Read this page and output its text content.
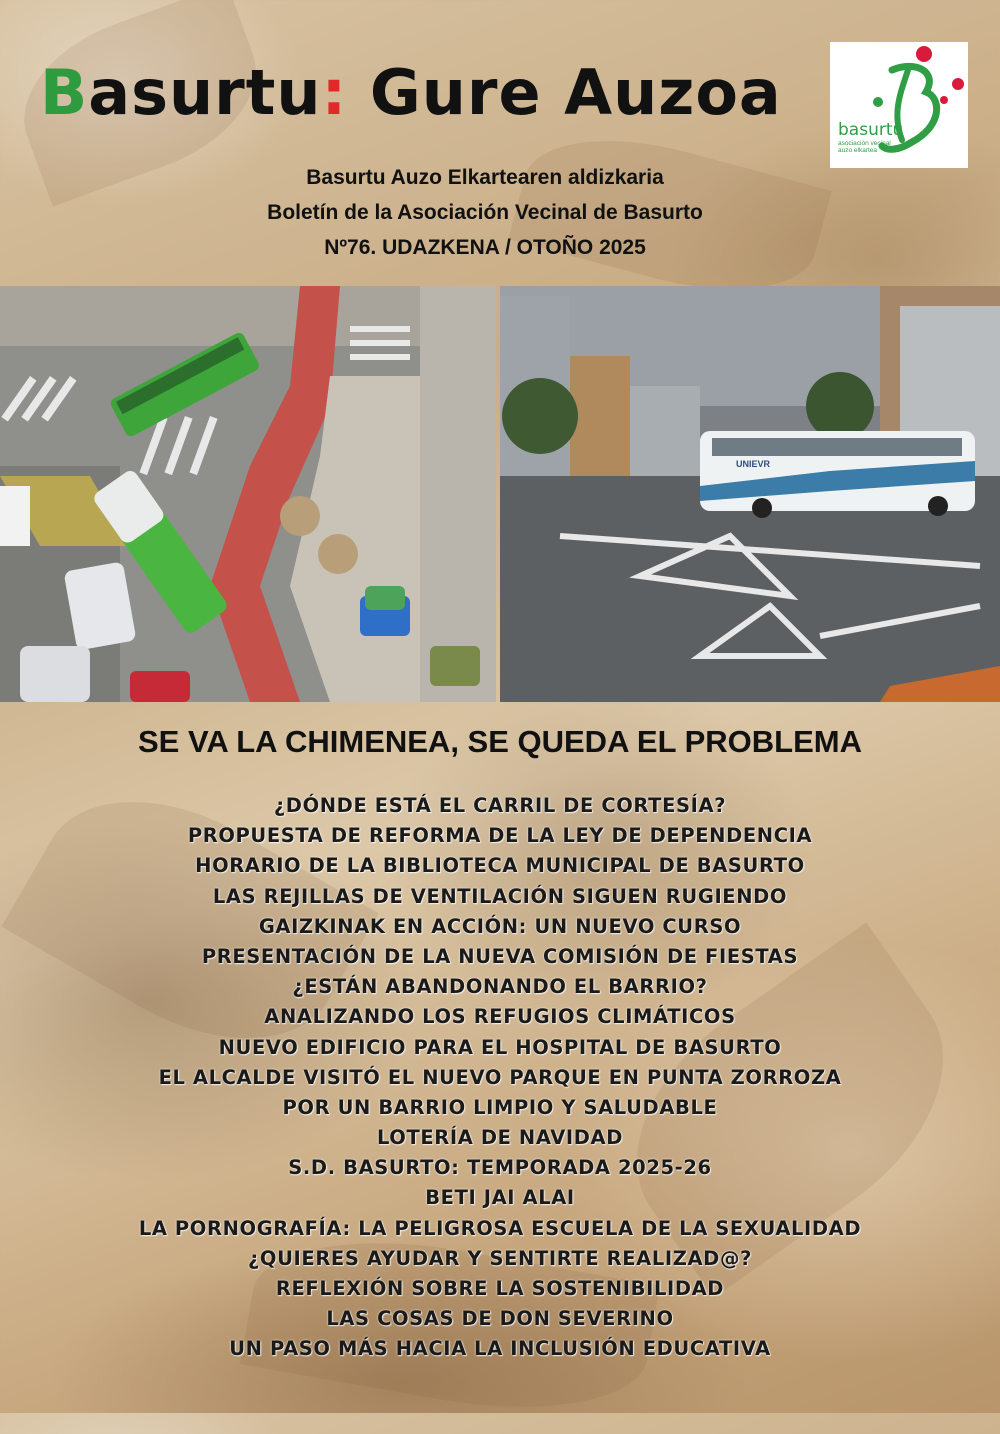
Basurtu: Gure Auzoa
basurtu
asociación vecinal
auzo elkartea
Basurtu Auzo Elkartearen aldizkaria
Boletín de la Asociación Vecinal de Basurto
Nº76. UDAZKENA / OTOÑO 2025
UNIEVR
SE VA LA CHIMENEA, SE QUEDA EL PROBLEMA
¿DÓNDE ESTÁ EL CARRIL DE CORTESÍA?
PROPUESTA DE REFORMA DE LA LEY DE DEPENDENCIA
HORARIO DE LA BIBLIOTECA MUNICIPAL DE BASURTO
LAS REJILLAS DE VENTILACIÓN SIGUEN RUGIENDO
GAIZKINAK EN ACCIÓN: UN NUEVO CURSO
PRESENTACIÓN DE LA NUEVA COMISIÓN DE FIESTAS
¿ESTÁN ABANDONANDO EL BARRIO?
ANALIZANDO LOS REFUGIOS CLIMÁTICOS
NUEVO EDIFICIO PARA EL HOSPITAL DE BASURTO
EL ALCALDE VISITÓ EL NUEVO PARQUE EN PUNTA ZORROZA
POR UN BARRIO LIMPIO Y SALUDABLE
LOTERÍA DE NAVIDAD
S.D. BASURTO: TEMPORADA 2025-26
BETI JAI ALAI
LA PORNOGRAFÍA: LA PELIGROSA ESCUELA DE LA SEXUALIDAD
¿QUIERES AYUDAR Y SENTIRTE REALIZAD@?
REFLEXIÓN SOBRE LA SOSTENIBILIDAD
LAS COSAS DE DON SEVERINO
UN PASO MÁS HACIA LA INCLUSIÓN EDUCATIVA
